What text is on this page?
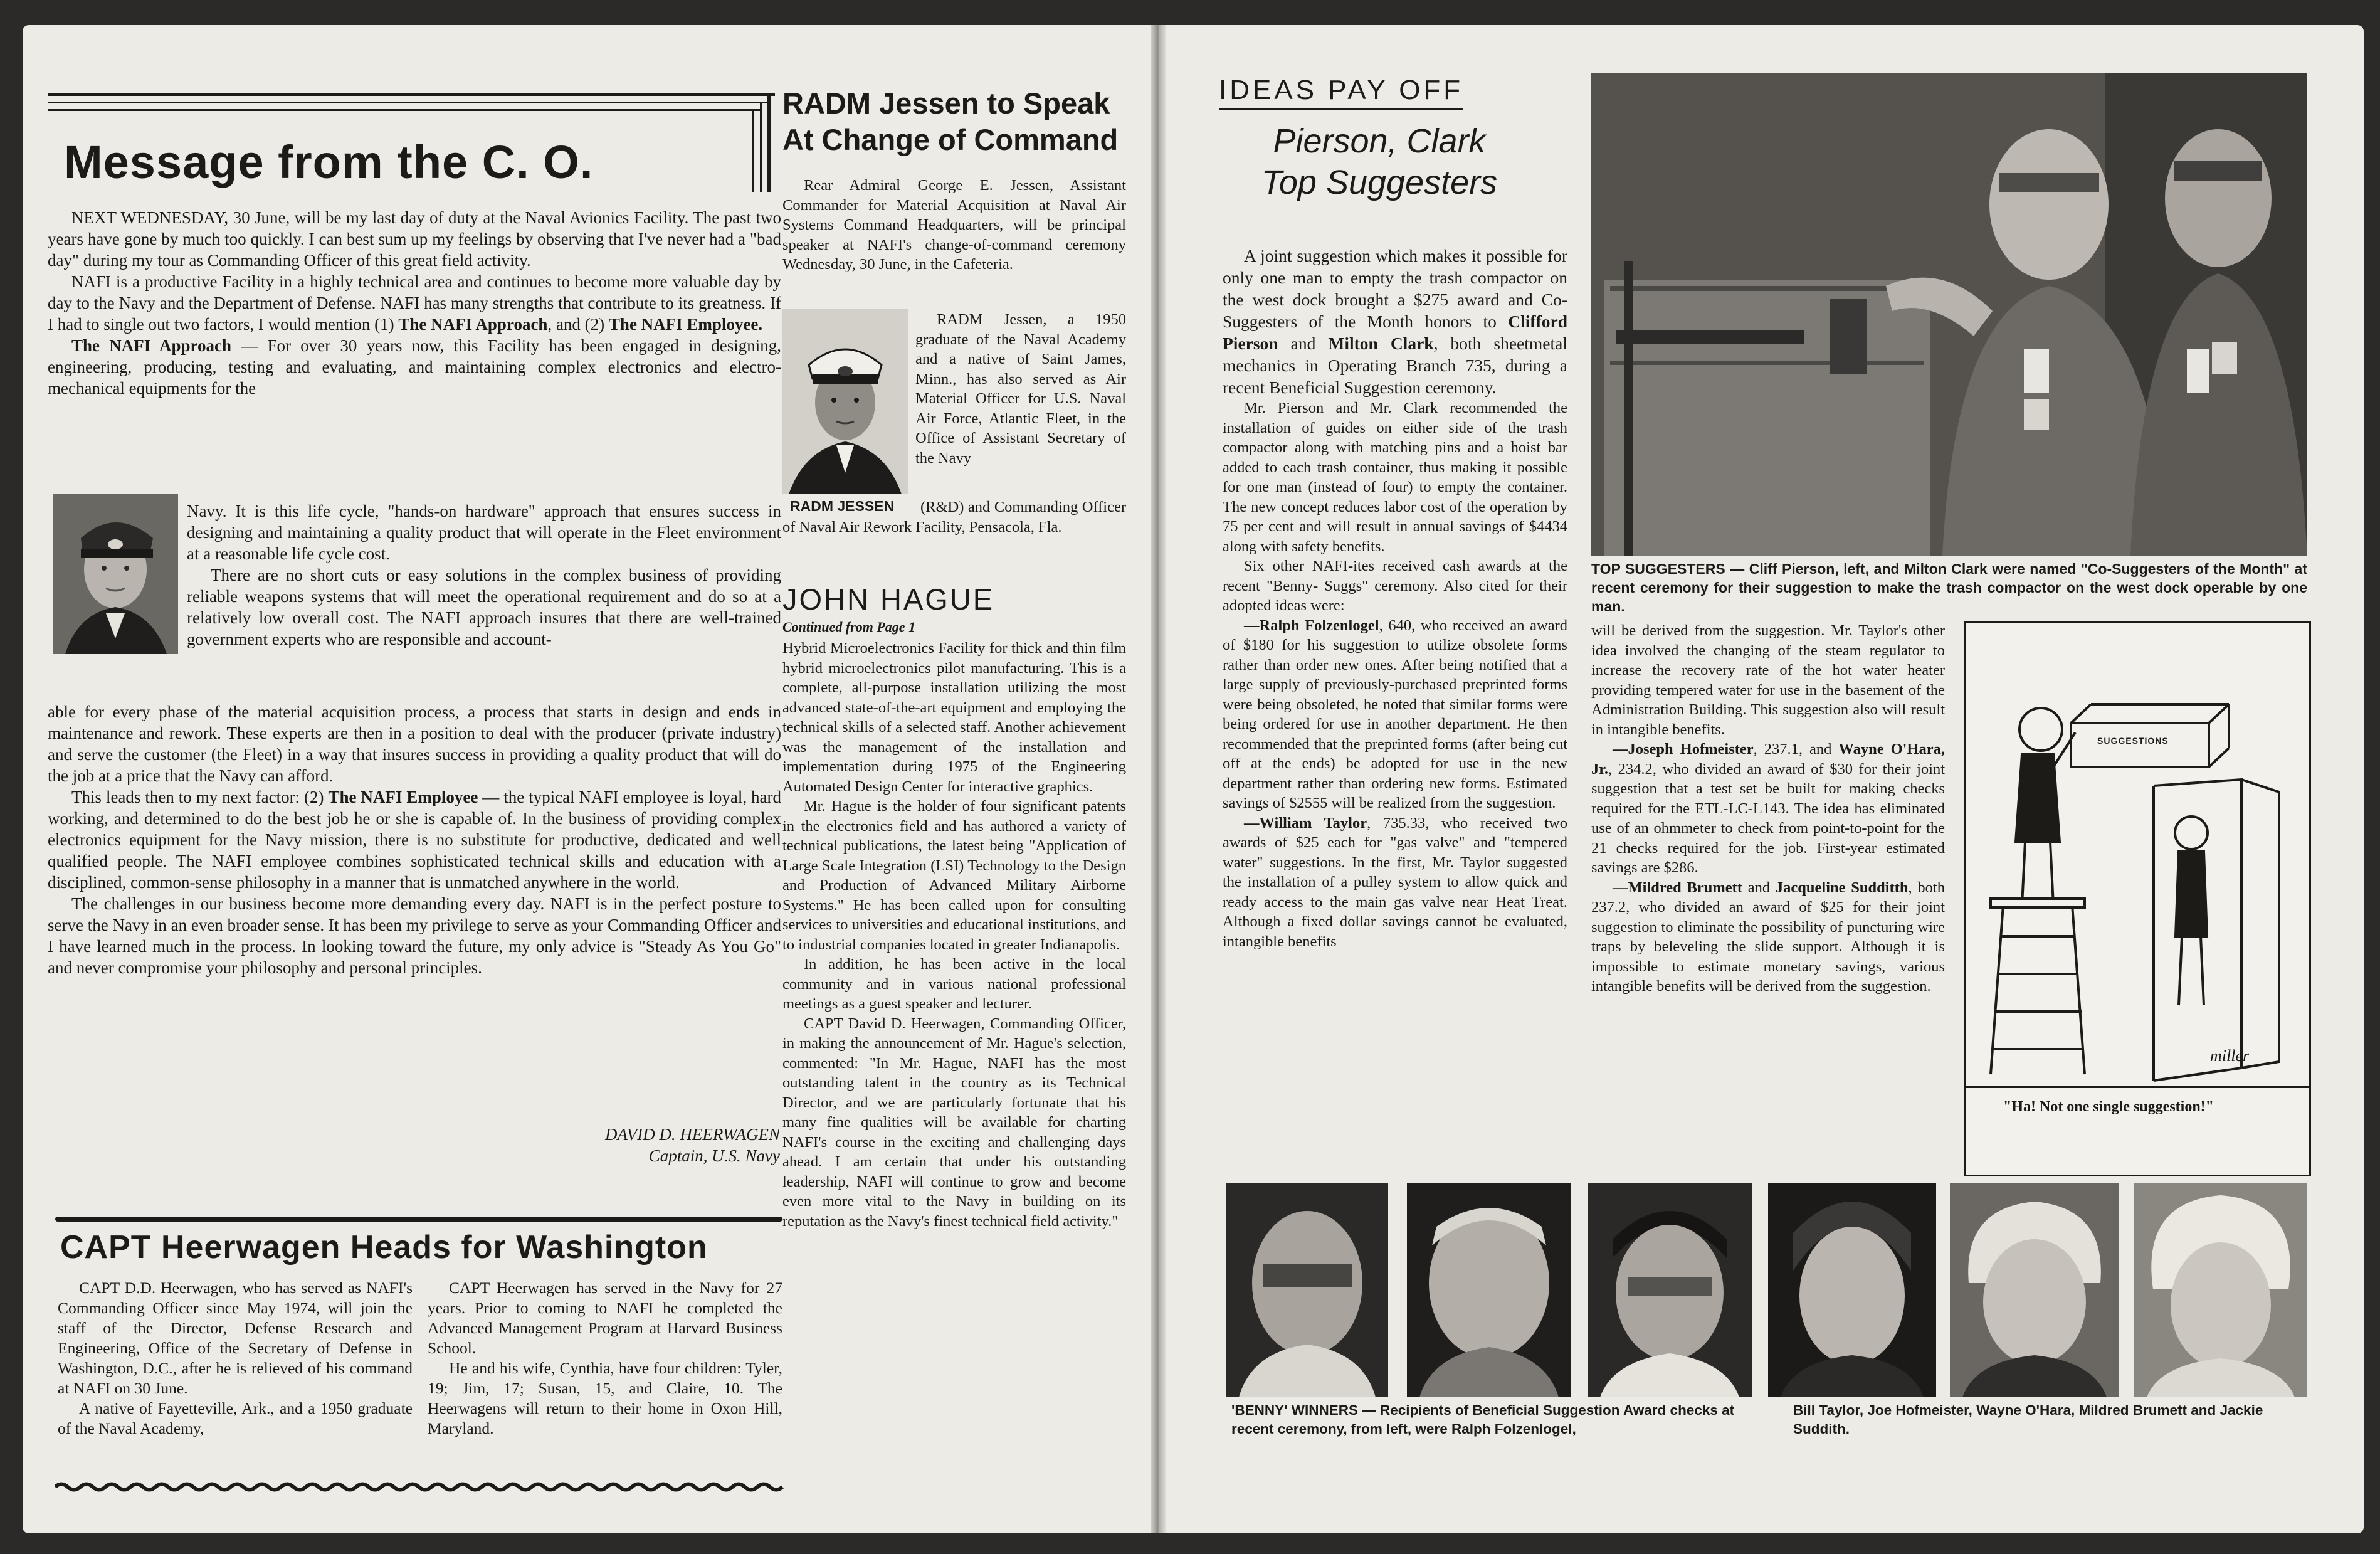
Message from the C. O.

NEXT WEDNESDAY, 30 June, will be my last day of duty at the Naval Avionics Facility. The past two years have gone by much too quickly. I can best sum up my feelings by observing that I've never had a "bad day" during my tour as Commanding Officer of this great field activity.

NAFI is a productive Facility in a highly technical area and continues to become more valuable day by day to the Navy and the Department of Defense. NAFI has many strengths that contribute to its greatness. If I had to single out two factors, I would mention (1) The NAFI Approach, and (2) The NAFI Employee.

The NAFI Approach — For over 30 years now, this Facility has been engaged in designing, engineering, producing, testing and evaluating, and maintaining complex electronics and electro-mechanical equipments for the

Navy. It is this life cycle, "hands-on hardware" approach that ensures success in designing and maintaining a quality product that will operate in the Fleet environment at a reasonable life cycle cost.

There are no short cuts or easy solutions in the complex business of providing reliable weapons systems that will meet the operational requirement and do so at a relatively low overall cost. The NAFI approach insures that there are well-trained government experts who are responsible and account-

able for every phase of the material acquisition process, a process that starts in design and ends in maintenance and rework. These experts are then in a position to deal with the producer (private industry) and serve the customer (the Fleet) in a way that insures success in providing a quality product that will do the job at a price that the Navy can afford.

This leads then to my next factor: (2) The NAFI Employee — the typical NAFI employee is loyal, hard working, and determined to do the best job he or she is capable of. In the business of providing complex electronics equipment for the Navy mission, there is no substitute for productive, dedicated and well qualified people. The NAFI employee combines sophisticated technical skills and education with a disciplined, common-sense philosophy in a manner that is unmatched anywhere in the world.

The challenges in our business become more demanding every day. NAFI is in the perfect posture to serve the Navy in an even broader sense. It has been my privilege to serve as your Commanding Officer and I have learned much in the process. In looking toward the future, my only advice is "Steady As You Go" and never compromise your philosophy and personal principles.

DAVID D. HEERWAGEN
Captain, U.S. Navy
CAPT Heerwagen Heads for Washington

CAPT D.D. Heerwagen, who has served as NAFI's Commanding Officer since May 1974, will join the staff of the Director, Defense Research and Engineering, Office of the Secretary of Defense in Washington, D.C., after he is relieved of his command at NAFI on 30 June.

A native of Fayetteville, Ark., and a 1950 graduate of the Naval Academy,

CAPT Heerwagen has served in the Navy for 27 years. Prior to coming to NAFI he completed the Advanced Management Program at Harvard Business School.

He and his wife, Cynthia, have four children: Tyler, 19; Jim, 17; Susan, 15, and Claire, 10. The Heerwagens will return to their home in Oxon Hill, Maryland.

RADM Jessen to Speak
At Change of Command

Rear Admiral George E. Jessen, Assistant Commander for Material Acquisition at Naval Air Systems Command Headquarters, will be principal speaker at NAFI's change-of-command ceremony Wednesday, 30 June, in the Cafeteria.

RADM Jessen, a 1950 graduate of the Naval Academy and a native of Saint James, Minn., has also served as Air Material Officer for U.S. Naval Air Force, Atlantic Fleet, in the Office of Assistant Secretary of the Navy

RADM JESSEN	(R&D) and Commanding Officer of Naval Air Rework Facility, Pensacola, Fla.

JOHN HAGUE
Continued from Page 1

Hybrid Microelectronics Facility for thick and thin film hybrid microelectronics pilot manufacturing. This is a complete, all-purpose installation utilizing the most advanced state-of-the-art equipment and employing the technical skills of a selected staff. Another achievement was the management of the installation and implementation during 1975 of the Engineering Automated Design Center for interactive graphics.

Mr. Hague is the holder of four significant patents in the electronics field and has authored a variety of technical publications, the latest being "Application of Large Scale Integration (LSI) Technology to the Design and Production of Advanced Military Airborne Systems." He has been called upon for consulting services to universities and educational institutions, and to industrial companies located in greater Indianapolis.

In addition, he has been active in the local community and in various national professional meetings as a guest speaker and lecturer.

CAPT David D. Heerwagen, Commanding Officer, in making the announcement of Mr. Hague's selection, commented: "In Mr. Hague, NAFI has the most outstanding talent in the country as its Technical Director, and we are particularly fortunate that his many fine qualities will be available for charting NAFI's course in the exciting and challenging days ahead. I am certain that under his outstanding leadership, NAFI will continue to grow and become even more vital to the Navy in building on its reputation as the Navy's finest technical field activity."

IDEAS PAY OFF
Pierson, Clark
Top Suggesters

A joint suggestion which makes it possible for only one man to empty the trash compactor on the west dock brought a $275 award and Co-Suggesters of the Month honors to Clifford Pierson and Milton Clark, both sheetmetal mechanics in Operating Branch 735, during a recent Beneficial Suggestion ceremony.

Mr. Pierson and Mr. Clark recommended the installation of guides on either side of the trash compactor along with matching pins and a hoist bar added to each trash container, thus making it possible for one man (instead of four) to empty the container. The new concept reduces labor cost of the operation by 75 per cent and will result in annual savings of $4434 along with safety benefits.

Six other NAFI-ites received cash awards at the recent "Benny- Suggs" ceremony. Also cited for their adopted ideas were:

—Ralph Folzenlogel, 640, who received an award of $180 for his suggestion to utilize obsolete forms rather than order new ones. After being notified that a large supply of previously-purchased preprinted forms were being obsoleted, he noted that similar forms were being ordered for use in another department. He then recommended that the preprinted forms (after being cut off at the ends) be adopted for use in the new department rather than ordering new forms. Estimated savings of $2555 will be realized from the suggestion.

—William Taylor, 735.33, who received two awards of $25 each for "gas valve" and "tempered water" suggestions. In the first, Mr. Taylor suggested the installation of a pulley system to allow quick and ready access to the main gas valve near Heat Treat. Although a fixed dollar savings cannot be evaluated, intangible benefits

TOP SUGGESTERS — Cliff Pierson, left, and Milton Clark were named "Co-Suggesters of the Month" at recent ceremony for their suggestion to make the trash compactor on the west dock operable by one man.

will be derived from the suggestion. Mr. Taylor's other idea involved the changing of the steam regulator to increase the recovery rate of the hot water heater providing tempered water for use in the basement of the Administration Building. This suggestion also will result in intangible benefits.

—Joseph Hofmeister, 237.1, and Wayne O'Hara, Jr., 234.2, who divided an award of $30 for their joint suggestion that a test set be built for making checks required for the ETL-LC-L143. The idea has eliminated use of an ohmmeter to check from point-to-point for the 21 checks required for the job. First-year estimated savings are $286.

—Mildred Brumett and Jacqueline Sudditth, both 237.2, who divided an award of $25 for their joint suggestion to eliminate the possibility of puncturing wire traps by beleveling the slide support. Although it is impossible to estimate monetary savings, various intangible benefits will be derived from the suggestion.

SUGGESTIONS
miller
"Ha! Not one single suggestion!"
'BENNY' WINNERS — Recipients of Beneficial Suggestion Award checks at recent ceremony, from left, were Ralph Folzenlogel,
Bill Taylor, Joe Hofmeister, Wayne O'Hara, Mildred Brumett and Jackie Suddith.
